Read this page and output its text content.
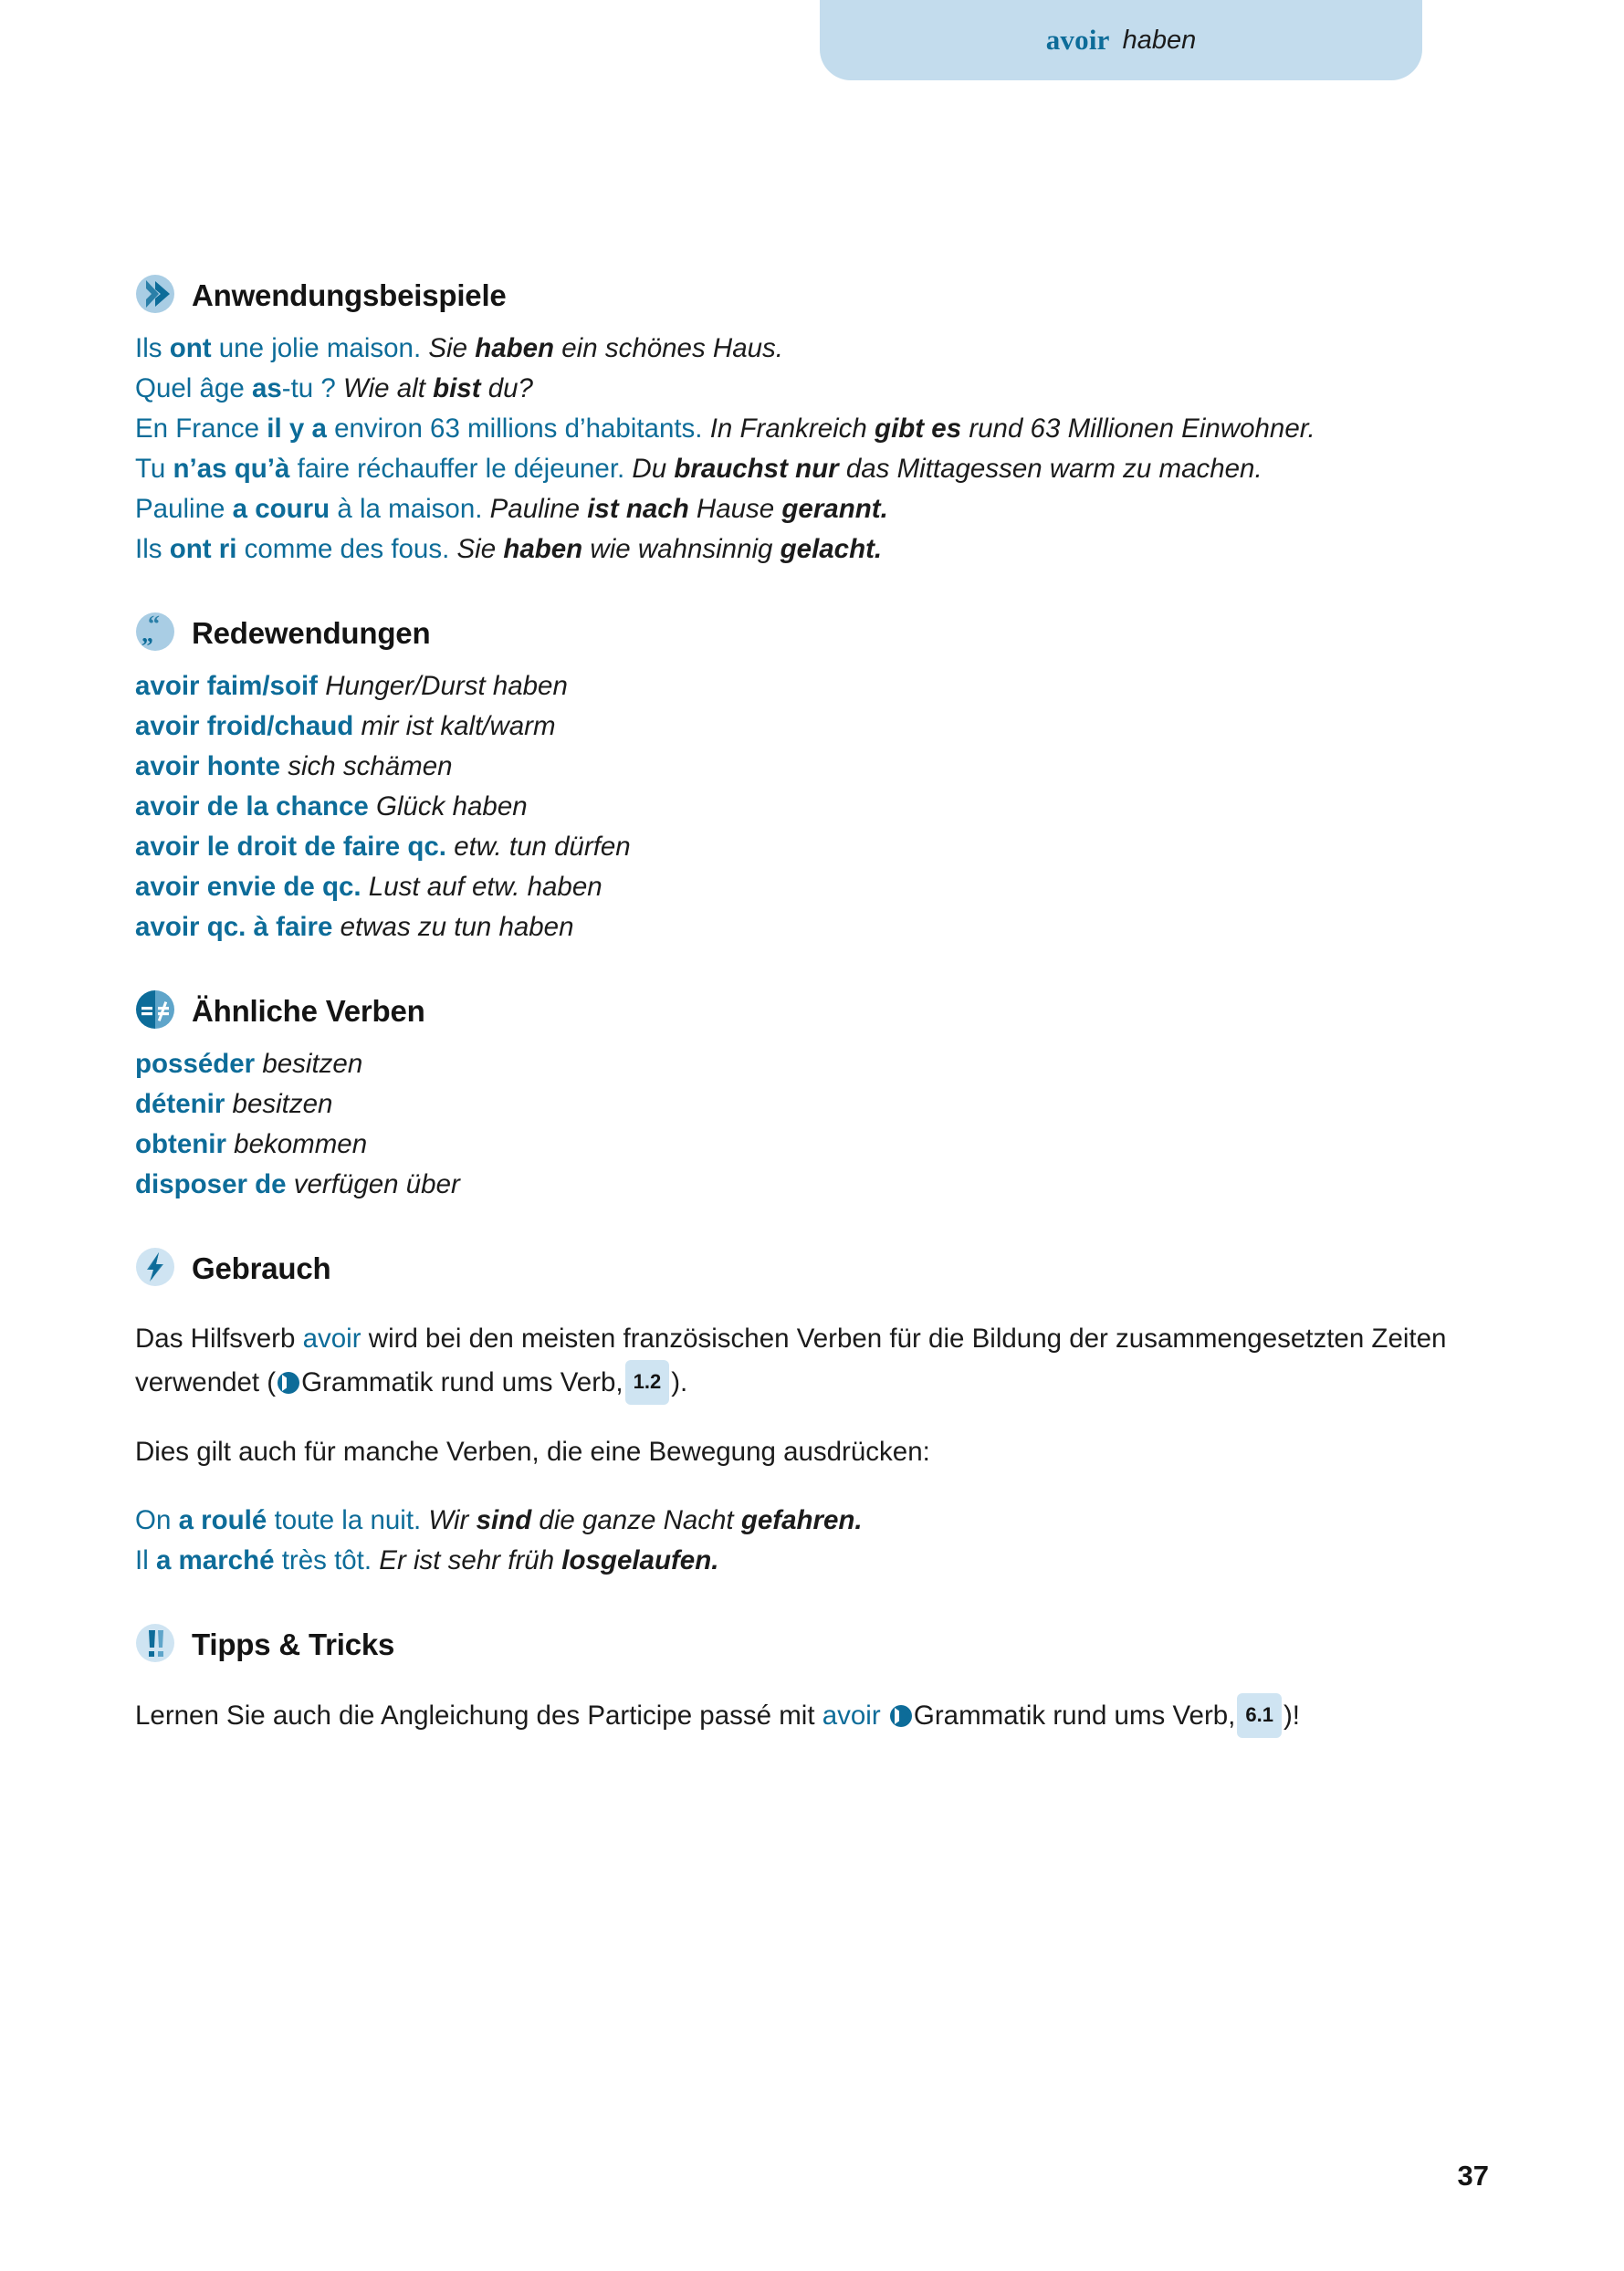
avoir haben
Anwendungsbeispiele

Ils ont une jolie maison. Sie haben ein schönes Haus.

Quel âge as-tu ? Wie alt bist du?

En France il y a environ 63 millions d’habitants. In Frankreich gibt es rund 63 Millionen Einwohner.

Tu n’as qu’à faire réchauffer le déjeuner. Du brauchst nur das Mittagessen warm zu machen.

Pauline a couru à la maison. Pauline ist nach Hause gerannt.

Ils ont ri comme des fous. Sie haben wie wahnsinnig gelacht.

“
„ Redewendungen

avoir faim/soif Hunger/Durst haben

avoir froid/chaud mir ist kalt/warm

avoir honte sich schämen

avoir de la chance Glück haben

avoir le droit de faire qc. etw. tun dürfen

avoir envie de qc. Lust auf etw. haben

avoir qc. à faire etwas zu tun haben

Ähnliche Verben

posséder besitzen

détenir besitzen

obtenir bekommen

disposer de verfügen über

Gebrauch

Das Hilfsverb avoir wird bei den meisten französischen Verben für die Bildung der zusammengesetzten Zeiten verwendet ( Grammatik rund ums Verb, 1.2 ).

Dies gilt auch für manche Verben, die eine Bewegung ausdrücken:

On a roulé toute la nuit. Wir sind die ganze Nacht gefahren.

Il a marché très tôt. Er ist sehr früh losgelaufen.

Tipps & Tricks

Lernen Sie auch die Angleichung des Participe passé mit avoir Grammatik rund ums Verb, 6.1 )!

37
